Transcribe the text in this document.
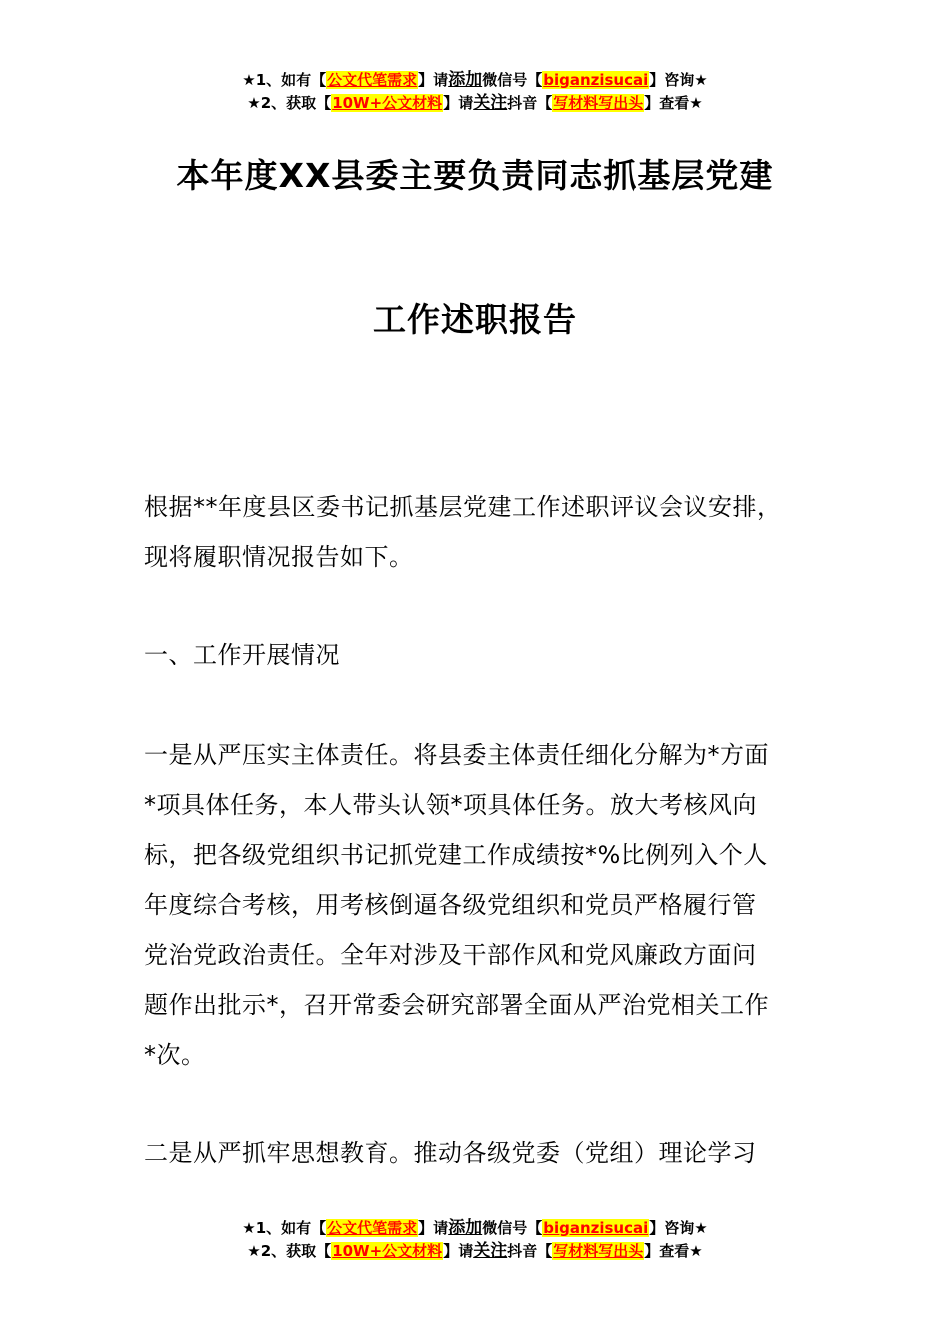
★1、如有【公文代笔需求】请添加微信号【biganzisucai】咨询★
★2、获取【10W+公文材料】请关注抖音【写材料写出头】查看★
本年度XX县委主要负责同志抓基层党建
工作述职报告
根据**年度县区委书记抓基层党建工作述职评议会议安排，
现将履职情况报告如下。
一、工作开展情况
一是从严压实主体责任。将县委主体责任细化分解为*方面
*项具体任务，本人带头认领*项具体任务。放大考核风向
标，把各级党组织书记抓党建工作成绩按*%比例列入个人
年度综合考核，用考核倒逼各级党组织和党员严格履行管
党治党政治责任。全年对涉及干部作风和党风廉政方面问
题作出批示*，召开常委会研究部署全面从严治党相关工作
*次。
二是从严抓牢思想教育。推动各级党委（党组）理论学习
★1、如有【公文代笔需求】请添加微信号【biganzisucai】咨询★
★2、获取【10W+公文材料】请关注抖音【写材料写出头】查看★
